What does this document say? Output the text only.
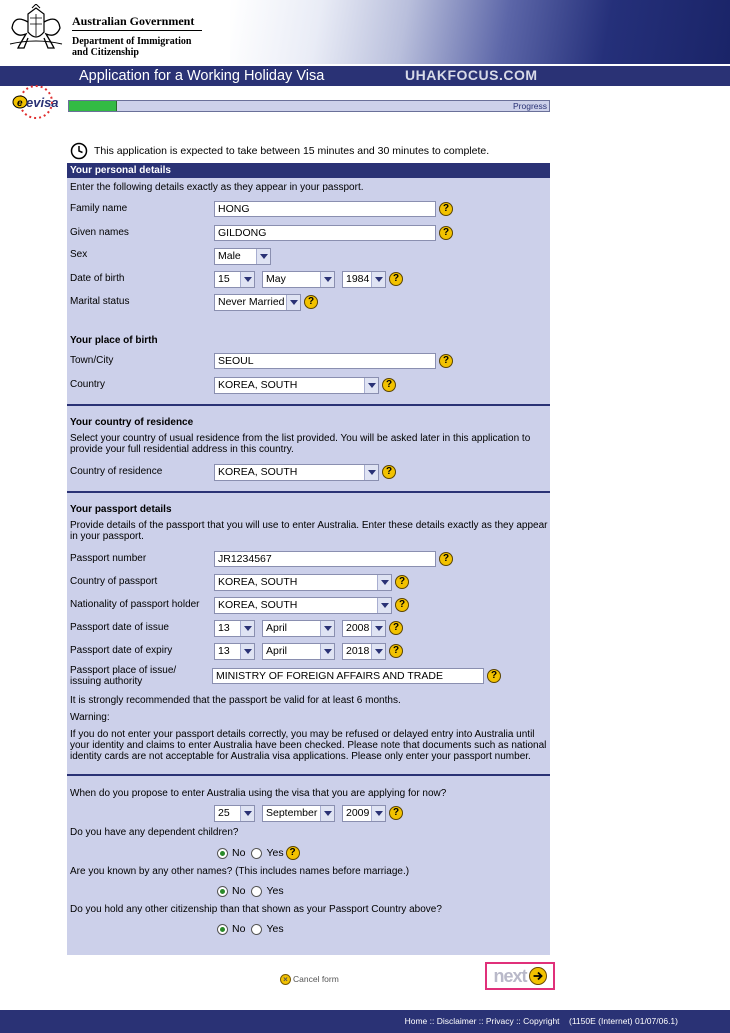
Australian Government
Department of Immigration
and Citizenship
Application for a Working Holiday Visa	UHAKFOCUS.COM
e evisa	Progress
This application is expected to take between 15 minutes and 30 minutes to complete.
Your personal details
Enter the following details exactly as they appear in your passport.
Family name	HONG	?
Given names	GILDONG	?
Sex	Male
Date of birth	15	May	1984	?
Marital status	Never Married	?
Your place of birth
Town/City	SEOUL	?
Country	KOREA, SOUTH	?
Your country of residence
Select your country of usual residence from the list provided. You will be asked later in this application to provide your full residential address in this country.
Country of residence	KOREA, SOUTH	?
Your passport details
Provide details of the passport that you will use to enter Australia. Enter these details exactly as they appear in your passport.
Passport number	JR1234567	?
Country of passport	KOREA, SOUTH	?
Nationality of passport holder	KOREA, SOUTH	?
Passport date of issue	13	April	2008	?
Passport date of expiry	13	April	2018	?
Passport place of issue/
issuing authority	MINISTRY OF FOREIGN AFFAIRS AND TRADE	?
It is strongly recommended that the passport be valid for at least 6 months.
Warning:
If you do not enter your passport details correctly, you may be refused or delayed entry into Australia until your identity and claims to enter Australia have been checked. Please note that documents such as national identity cards are not acceptable for Australia visa applications. Please only enter your passport number.
When do you propose to enter Australia using the visa that you are applying for now?
25	September	2009	?
Do you have any dependent children?
No Yes ?
Are you known by any other names? (This includes names before marriage.)
No Yes
Do you hold any other citizenship than that shown as your Passport Country above?
No Yes
× Cancel form	next
Home :: Disclaimer :: Privacy :: Copyright (1150E (Internet) 01/07/06.1)
